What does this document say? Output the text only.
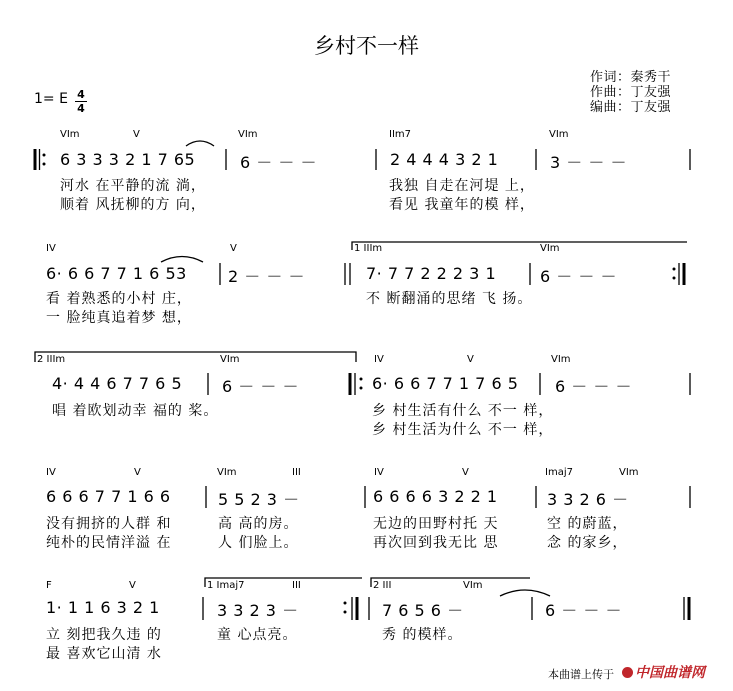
乡村不一样
作词：秦秀干
作曲：丁友强
编曲：丁友强
1= E 4
4
VIm	V	VIm	IIm7	VIm
6 3 3 3 2 1 7 65	6 － － －	2 4 4 4 3 2 1	3 － － －
河水 在平静的流 淌，	我独 自走在河堤 上，
顺着 风抚柳的方 向，	看见 我童年的模 样，
IV	V	1 IIIm	VIm
6· 6 6 7 7 1 6 53	2 － － －	7· 7 7 2 2 2 3 1	6 － － －
看 着熟悉的小村 庄，	不 断翻涌的思绪 飞 扬。
一 脸纯真追着梦 想，
2 IIIm	VIm	IV	V	VIm
4· 4 4 6 7 7 6 5 6 － － －	6· 6 6 7 7 1 7 6 5 6 － － －
唱 着欧划动幸 福的 桨。	乡 村生活有什么 不一 样，
乡 村生活为什么 不一 样，
IV	V	VIm	III	IV	V	Imaj7	VIm
6 6 6 7 7 1 6 6	5 5 2 3 －	6 6 6 6 3 2 2 1	3 3 2 6 －
没有拥挤的人群 和	高 高的房。	无边的田野村托 天	空 的蔚蓝，
纯朴的民情洋溢 在	人 们脸上。	再次回到我无比 思	念 的家乡，
F	V	1 Imaj7	III	2 III	VIm
1· 1 1 6 3 2 1	3 3 2 3 －	7 6 5 6 －	6 － － －
立 刻把我久违 的	童 心点亮。	秀 的模样。
最 喜欢它山清 水
本曲谱上传于	中国曲谱网
